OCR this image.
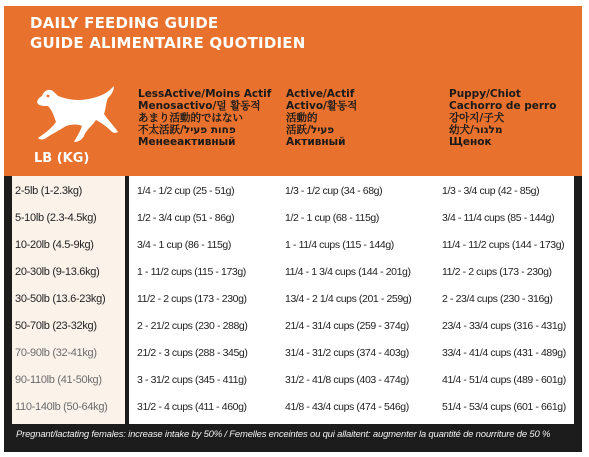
DAILY FEEDING GUIDE
GUIDE ALIMENTAIRE QUOTIDIEN
LB (KG)
LessActive/Moins Actif
Menosactivo/덜 활동적
あまり活動的ではない
不太活跃/פחות פעיל
Менееактивный
Active/Actif
Activo/활동적
活動的
活跃/פעיל
Активный
Puppy/Chiot
Cachorro de perro
강아지/子犬
幼犬/מלגור
Щенок
2-5lb (1-2.3kg)	1/4 - 1/2 cup (25 - 51g)	1/3 - 1/2 cup (34 - 68g)	1/3 - 3/4 cup (42 - 85g)
5-10lb (2.3-4.5kg)	1/2 - 3/4 cup (51 - 86g)	1/2 - 1 cup (68 - 115g)	3/4 - 11/4 cups (85 - 144g)
10-20lb (4.5-9kg)	3/4 - 1 cup (86 - 115g)	1 - 11/4 cups (115 - 144g)	11/4 - 11/2 cups (144 - 173g)
20-30lb (9-13.6kg)	1 - 11/2 cups (115 - 173g)	11/4 - 1 3/4 cups (144 - 201g)	11/2 - 2 cups (173 - 230g)
30-50lb (13.6-23kg)	11/2 - 2 cups (173 - 230g)	13/4 - 2 1/4 cups (201 - 259g)	2 - 23/4 cups (230 - 316g)
50-70lb (23-32kg)	2 - 21/2 cups (230 - 288g)	21/4 - 31/4 cups (259 - 374g)	23/4 - 33/4 cups (316 - 431g)
70-90lb (32-41kg)	21/2 - 3 cups (288 - 345g)	31/4 - 31/2 cups (374 - 403g)	33/4 - 41/4 cups (431 - 489g)
90-110lb (41-50kg)	3 - 31/2 cups (345 - 411g)	31/2 - 41/8 cups (403 - 474g)	41/4 - 51/4 cups (489 - 601g)
110-140lb (50-64kg)	31/2 - 4 cups (411 - 460g)	41/8 - 43/4 cups (474 - 546g)	51/4 - 53/4 cups (601 - 661g)
Pregnant/lactating females: increase intake by 50% / Femelles enceintes ou qui allaitent: augmenter la quantité de nourriture de 50 %
